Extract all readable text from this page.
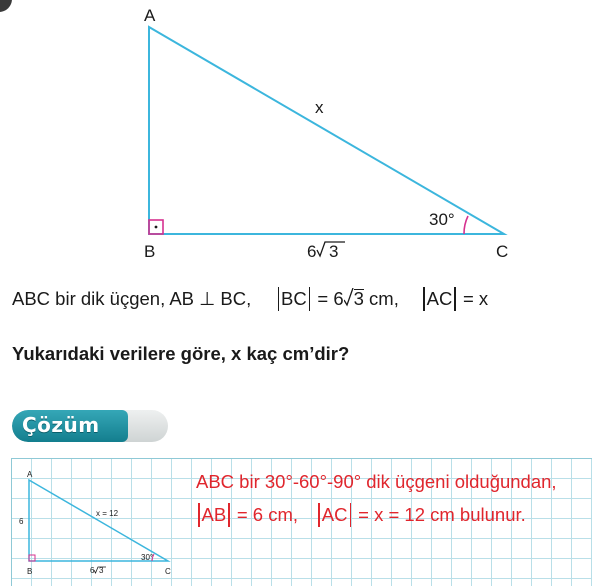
A
B	C
x
6 3
30°
ABC bir dik üçgen, AB ⊥ BC, BC = 6 3 cm, AC = x
Yukarıdaki verilere göre, x kaç cm’dir?
Çözüm
A
B	C
6
x = 12
6 3
30°
ABC bir 30°-60°-90° dik üçgeni olduğundan,
AB = 6 cm, AC = x = 12 cm bulunur.
